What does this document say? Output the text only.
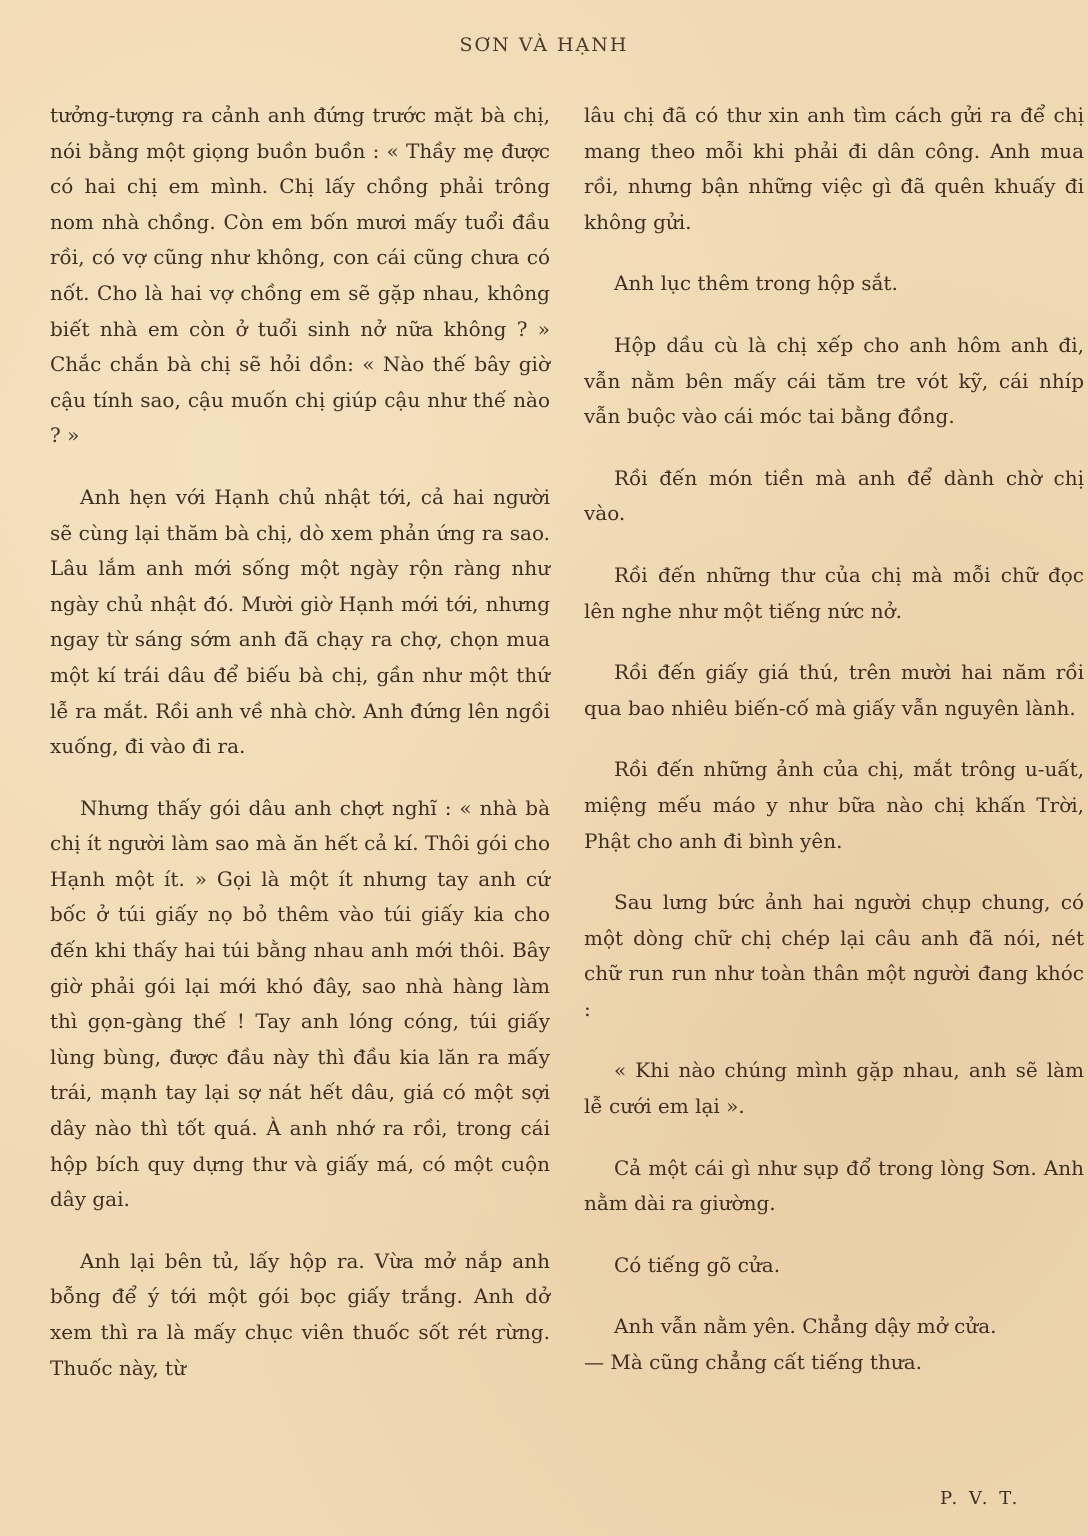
SƠN VÀ HẠNH

tưởng-tượng ra cảnh anh đứng trước mặt bà chị, nói bằng một giọng buồn buồn : « Thầy mẹ được có hai chị em mình. Chị lấy chồng phải trông nom nhà chồng. Còn em bốn mươi mấy tuổi đầu rồi, có vợ cũng như không, con cái cũng chưa có nốt. Cho là hai vợ chồng em sẽ gặp nhau, không biết nhà em còn ở tuổi sinh nở nữa không ? » Chắc chắn bà chị sẽ hỏi dồn: « Nào thế bây giờ cậu tính sao, cậu muốn chị giúp cậu như thế nào ? »

Anh hẹn với Hạnh chủ nhật tới, cả hai người sẽ cùng lại thăm bà chị, dò xem phản ứng ra sao. Lâu lắm anh mới sống một ngày rộn ràng như ngày chủ nhật đó. Mười giờ Hạnh mới tới, nhưng ngay từ sáng sớm anh đã chạy ra chợ, chọn mua một kí trái dâu để biếu bà chị, gần như một thứ lễ ra mắt. Rồi anh về nhà chờ. Anh đứng lên ngồi xuống, đi vào đi ra.

Nhưng thấy gói dâu anh chợt nghĩ : « nhà bà chị ít người làm sao mà ăn hết cả kí. Thôi gói cho Hạnh một ít. » Gọi là một ít nhưng tay anh cứ bốc ở túi giấy nọ bỏ thêm vào túi giấy kia cho đến khi thấy hai túi bằng nhau anh mới thôi. Bây giờ phải gói lại mới khó đây, sao nhà hàng làm thì gọn-gàng thế ! Tay anh lóng cóng, túi giấy lùng bùng, được đầu này thì đầu kia lăn ra mấy trái, mạnh tay lại sợ nát hết dâu, giá có một sợi dây nào thì tốt quá. À anh nhớ ra rồi, trong cái hộp bích quy dựng thư và giấy má, có một cuộn dây gai.

Anh lại bên tủ, lấy hộp ra. Vừa mở nắp anh bỗng để ý tới một gói bọc giấy trắng. Anh dở xem thì ra là mấy chục viên thuốc sốt rét rừng. Thuốc này, từ

lâu chị đã có thư xin anh tìm cách gửi ra để chị mang theo mỗi khi phải đi dân công. Anh mua rồi, nhưng bận những việc gì đã quên khuấy đi không gửi.

Anh lục thêm trong hộp sắt.

Hộp dầu cù là chị xếp cho anh hôm anh đi, vẫn nằm bên mấy cái tăm tre vót kỹ, cái nhíp vẫn buộc vào cái móc tai bằng đồng.

Rồi đến món tiền mà anh để dành chờ chị vào.

Rồi đến những thư của chị mà mỗi chữ đọc lên nghe như một tiếng nức nở.

Rồi đến giấy giá thú, trên mười hai năm rồi qua bao nhiêu biến-cố mà giấy vẫn nguyên lành.

Rồi đến những ảnh của chị, mắt trông u-uất, miệng mếu máo y như bữa nào chị khấn Trời, Phật cho anh đi bình yên.

Sau lưng bức ảnh hai người chụp chung, có một dòng chữ chị chép lại câu anh đã nói, nét chữ run run như toàn thân một người đang khóc :

« Khi nào chúng mình gặp nhau, anh sẽ làm lễ cưới em lại ».

Cả một cái gì như sụp đổ trong lòng Sơn. Anh nằm dài ra giường.

Có tiếng gõ cửa.

Anh vẫn nằm yên. Chẳng dậy mở cửa.

— Mà cũng chẳng cất tiếng thưa.

P. V. T.
